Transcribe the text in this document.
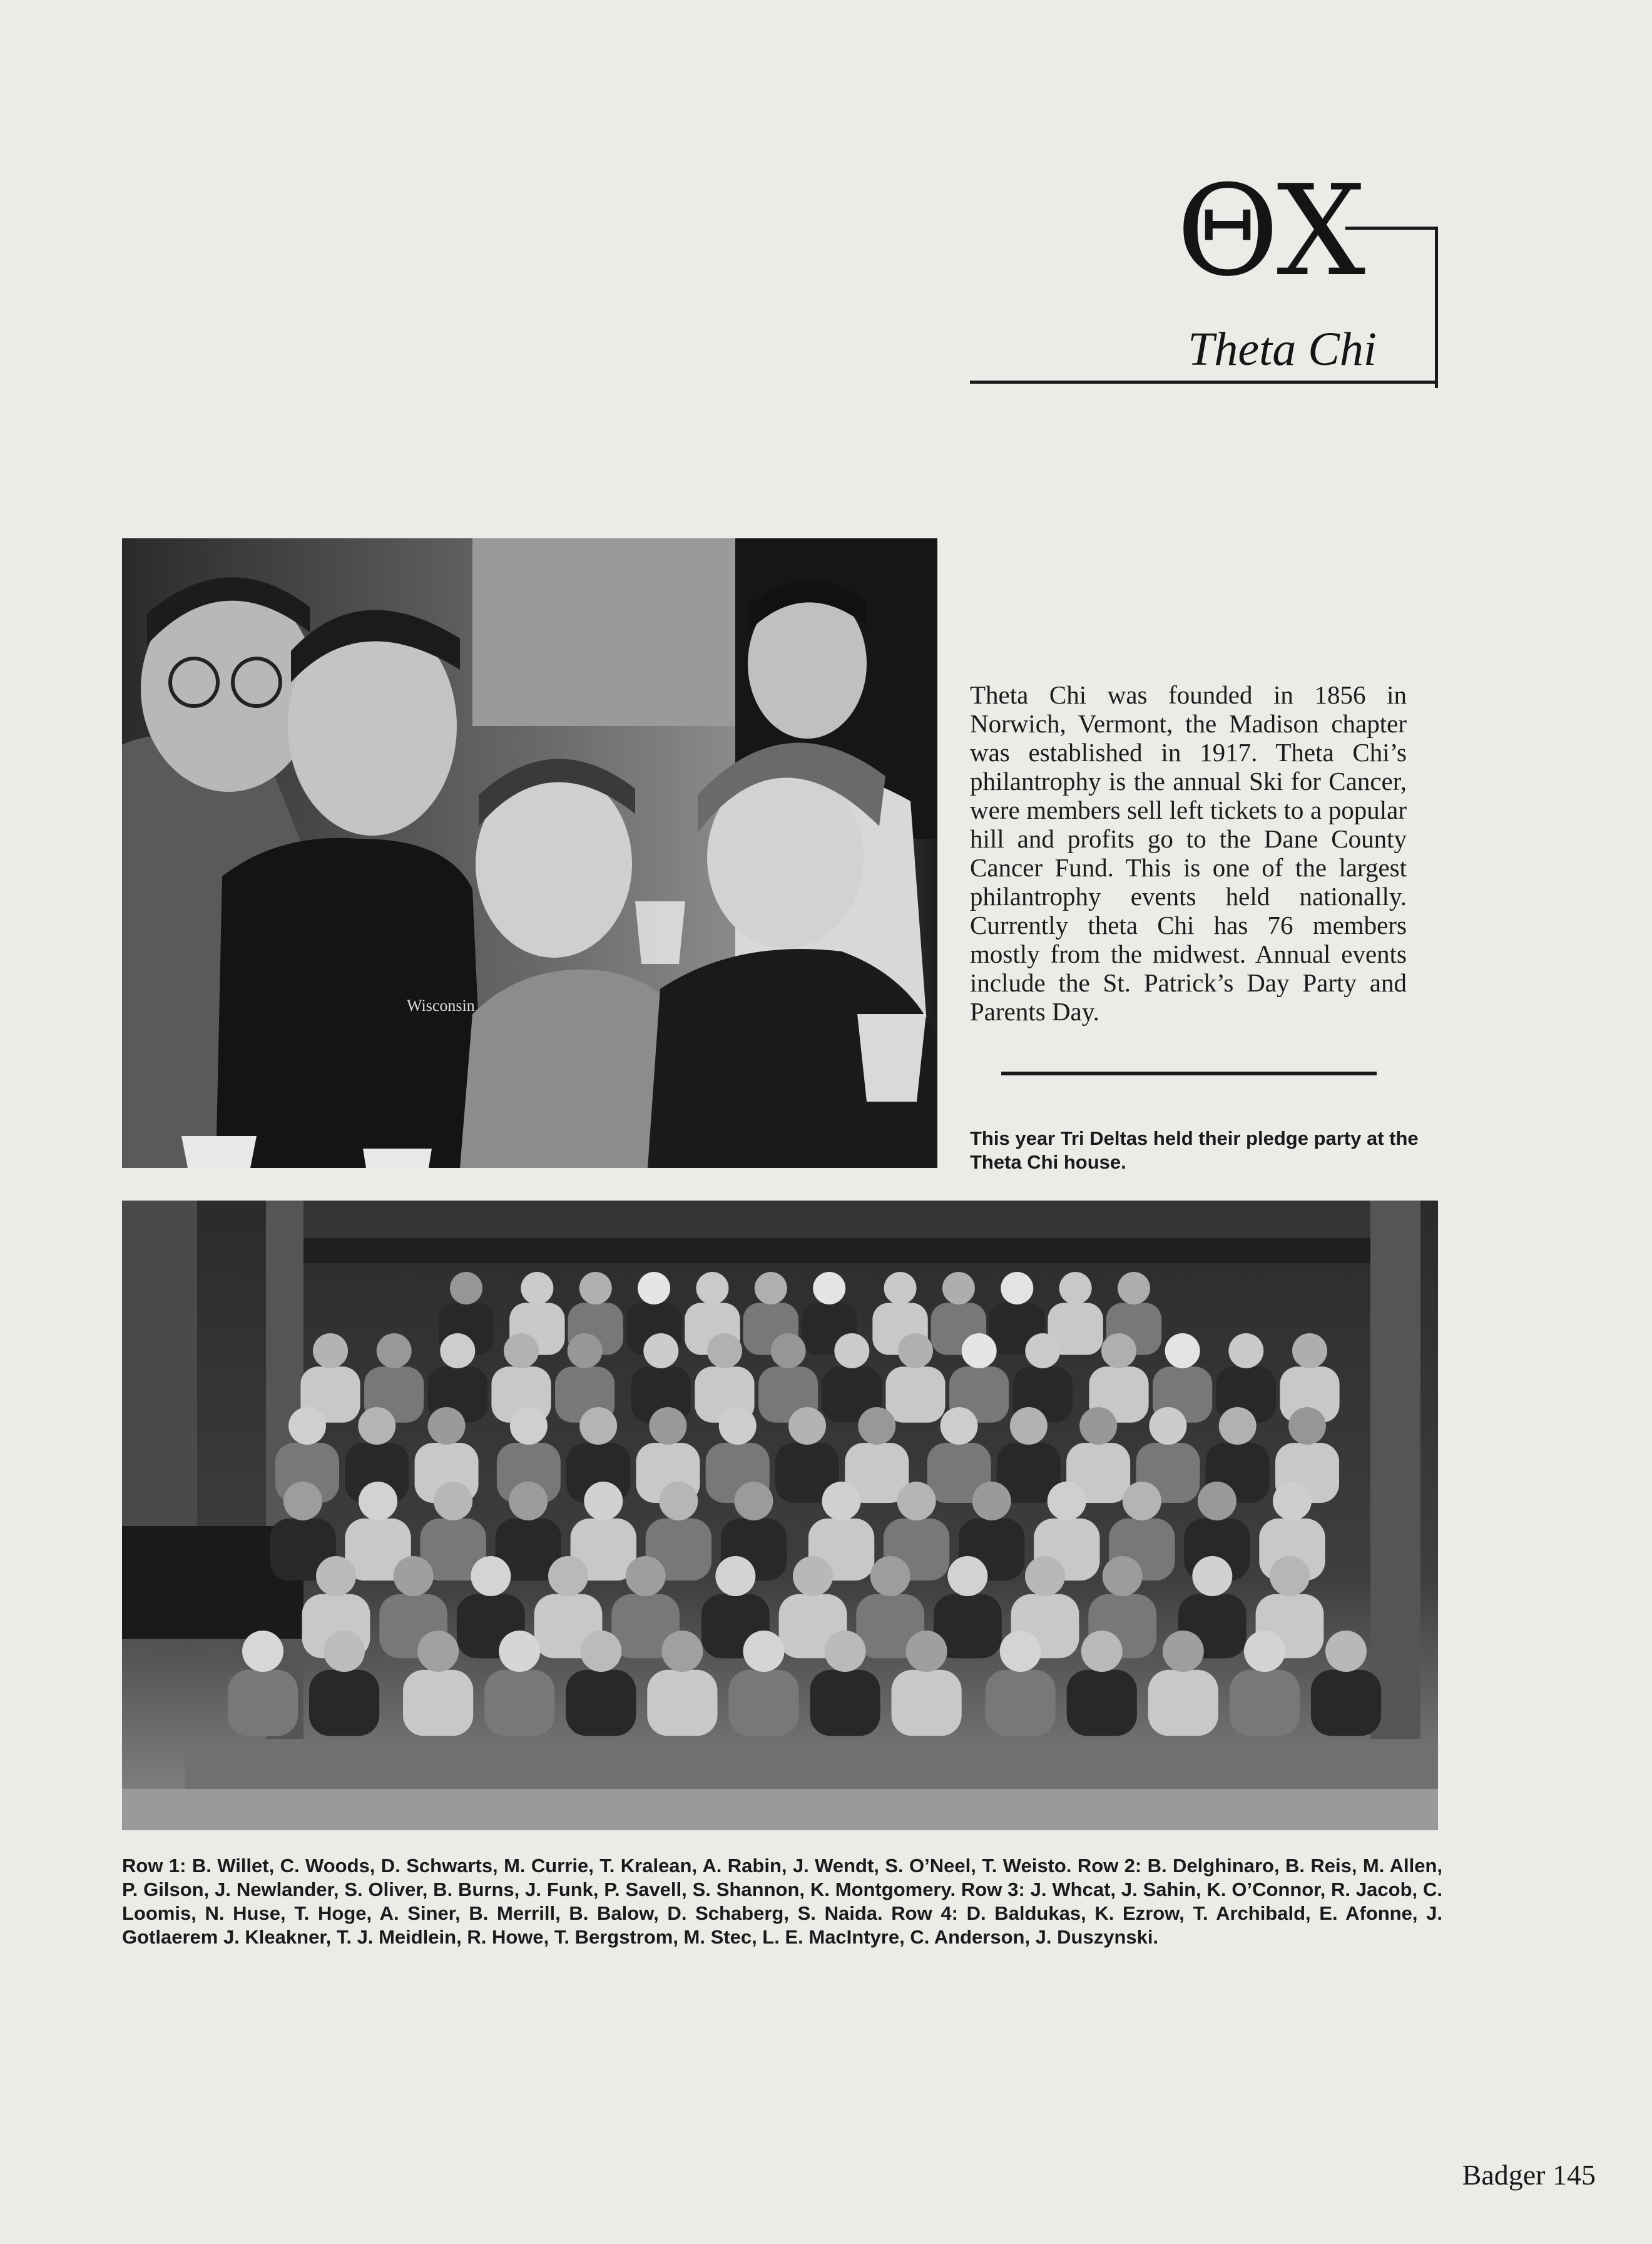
ΘΧ
Theta Chi
Wisconsin
Theta Chi was founded in 1856 in Norwich, Vermont, the Madison chapter was established in 1917. Theta Chi’s philantrophy is the annual Ski for Cancer, were members sell left tickets to a popular hill and profits go to the Dane County Cancer Fund. This is one of the largest philantrophy events held nationally. Currently theta Chi has 76 members mostly from the midwest. Annual events include the St. Patrick’s Day Party and Parents Day.
This year Tri Deltas held their pledge party at the Theta Chi house.
Row 1: B. Willet, C. Woods, D. Schwarts, M. Currie, T. Kralean, A. Rabin, J. Wendt, S. O’Neel, T. Weisto. Row 2: B. Delghinaro, B. Reis, M. Allen, P. Gilson, J. Newlander, S. Oliver, B. Burns, J. Funk, P. Savell, S. Shannon, K. Montgomery. Row 3: J. Whcat, J. Sahin, K. O’Connor, R. Jacob, C. Loomis, N. Huse, T. Hoge, A. Siner, B. Merrill, B. Balow, D. Schaberg, S. Naida. Row 4: D. Baldukas, K. Ezrow, T. Archibald, E. Afonne, J. Gotlaerem J. Kleakner, T. J. Meidlein, R. Howe, T. Bergstrom, M. Stec, L. E. MacIntyre, C. Anderson, J. Duszynski.
Badger 145
